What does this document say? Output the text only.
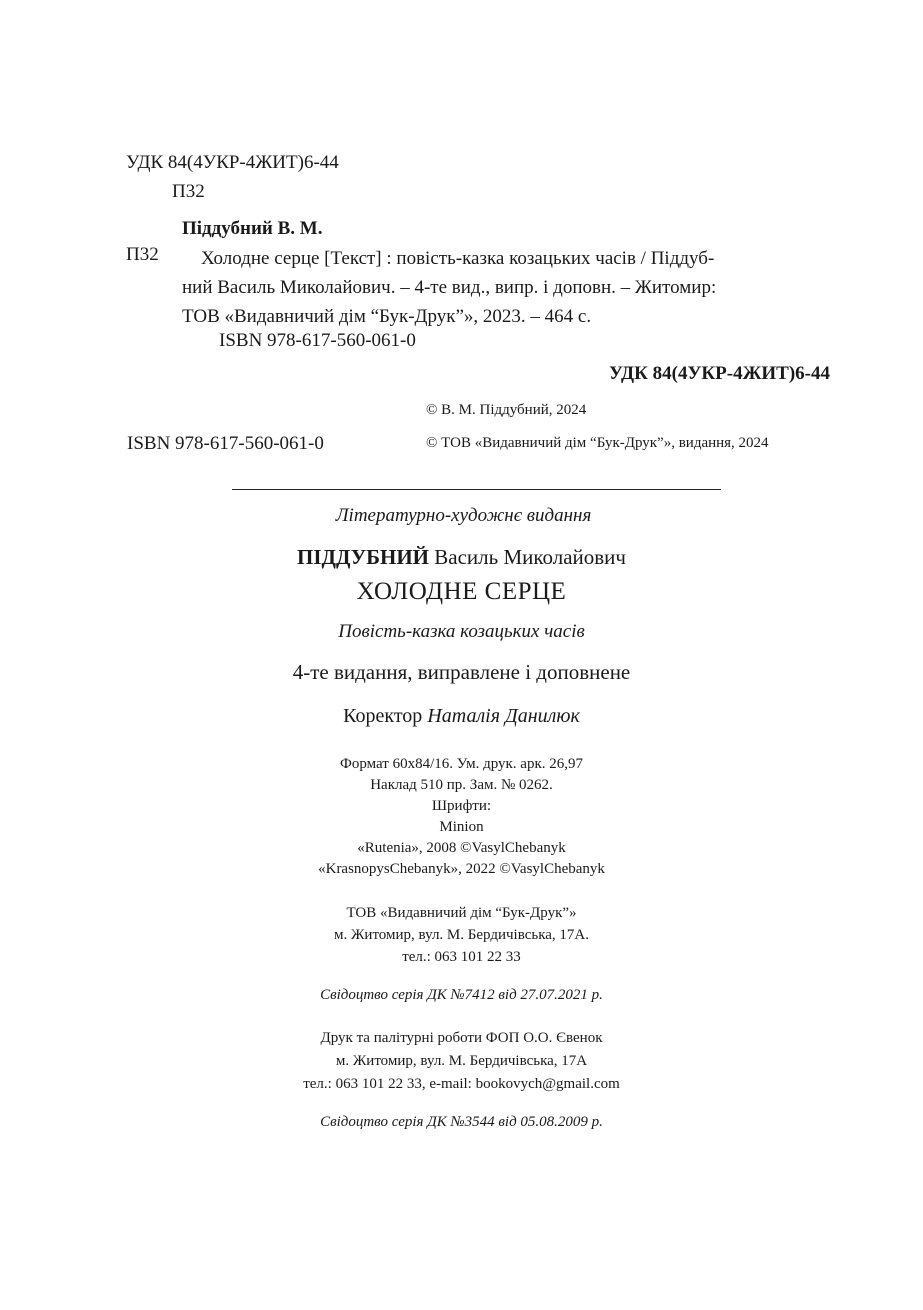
УДК 84(4УКР-4ЖИТ)6-44
П32
Піддубний В. М.
П32	Холодне серце [Текст] : повість-казка козацьких часів / Піддуб-
ний Василь Миколайович. – 4-те вид., випр. і доповн. – Житомир:
ТОВ «Видавничий дім “Бук-Друк”», 2023. – 464 с.
ISBN 978-617-560-061-0
УДК 84(4УКР-4ЖИТ)6-44
© В. М. Піддубний, 2024
ISBN 978-617-560-061-0	© ТОВ «Видавничий дім “Бук-Друк”», видання, 2024
Літературно-художнє видання
ПІДДУБНИЙ Василь Миколайович
ХОЛОДНЕ СЕРЦЕ
Повість-казка козацьких часів
4-те видання, виправлене і доповнене
Коректор Наталія Данилюк
Формат 60x84/16. Ум. друк. арк. 26,97
Наклад 510 пр. Зам. № 0262.
Шрифти:
Minion
«Rutenia», 2008 ©VasylChebanyk
«KrasnopysChebanyk», 2022 ©VasylChebanyk
ТОВ «Видавничий дім “Бук-Друк”»
м. Житомир, вул. М. Бердичівська, 17А.
тел.: 063 101 22 33
Свідоцтво серія ДК №7412 від 27.07.2021 р.
Друк та палітурні роботи ФОП О.О. Євенок
м. Житомир, вул. М. Бердичівська, 17А
тел.: 063 101 22 33, e-mail: bookovych@gmail.com
Свідоцтво серія ДК №3544 від 05.08.2009 р.
